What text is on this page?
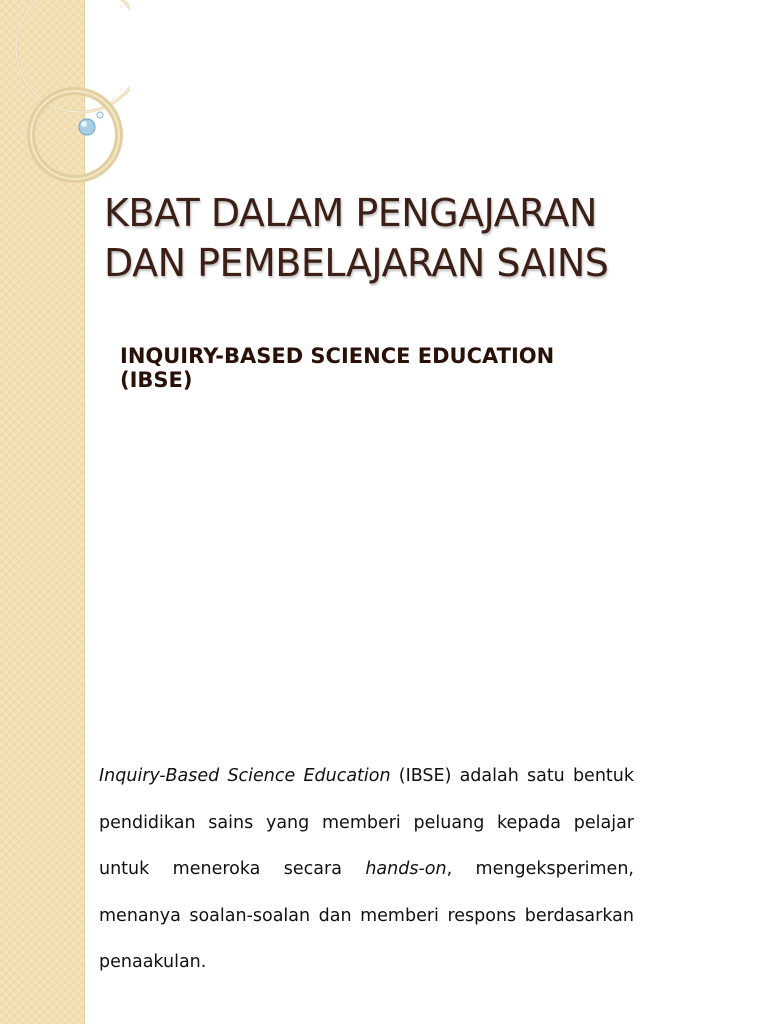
KBAT DALAM PENGAJARAN
DAN PEMBELAJARAN SAINS
INQUIRY-BASED SCIENCE EDUCATION
(IBSE)

Inquiry-Based Science Education (IBSE) adalah satu bentuk pendidikan sains yang memberi peluang kepada pelajar untuk meneroka secara hands-on, mengeksperimen, menanya soalan-soalan dan memberi respons berdasarkan penaakulan.
